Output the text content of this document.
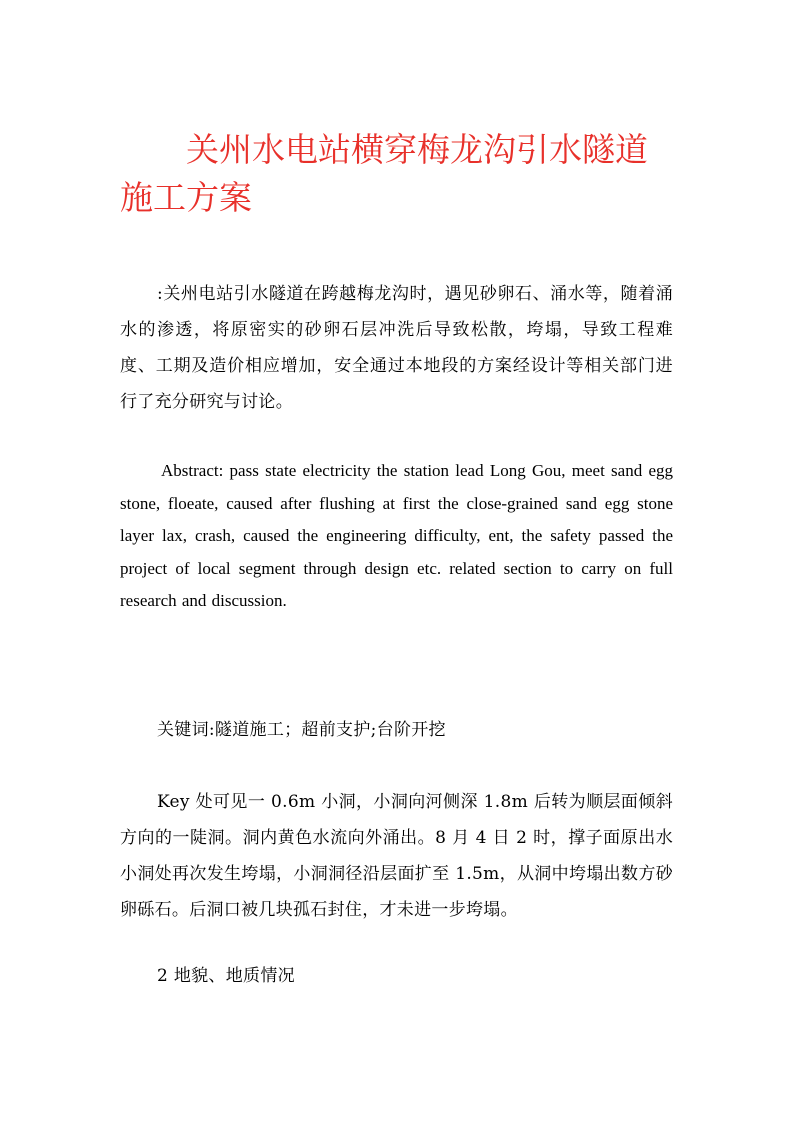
关州水电站横穿梅龙沟引水隧道施工方案

:关州电站引水隧道在跨越梅龙沟时，遇见砂卵石、涌水等，随着涌水的渗透，将原密实的砂卵石层冲洗后导致松散，垮塌，导致工程难度、工期及造价相应增加，安全通过本地段的方案经设计等相关部门进行了充分研究与讨论。

Abstract: pass state electricity the station lead Long Gou, meet sand egg stone, floeate, caused after flushing at first the close-grained sand egg stone layer lax, crash, caused the engineering difficulty, ent, the safety passed the project of local segment through design etc. related section to carry on full research and discussion.

关键词:隧道施工；超前支护;台阶开挖

Key 处可见一 0.6m 小洞，小洞向河侧深 1.8m 后转为顺层面倾斜方向的一陡洞。洞内黄色水流向外涌出。8 月 4 日 2 时，撑子面原出水小洞处再次发生垮塌，小洞洞径沿层面扩至 1.5m，从洞中垮塌出数方砂卵砾石。后洞口被几块孤石封住，才未进一步垮塌。

2 地貌、地质情况
